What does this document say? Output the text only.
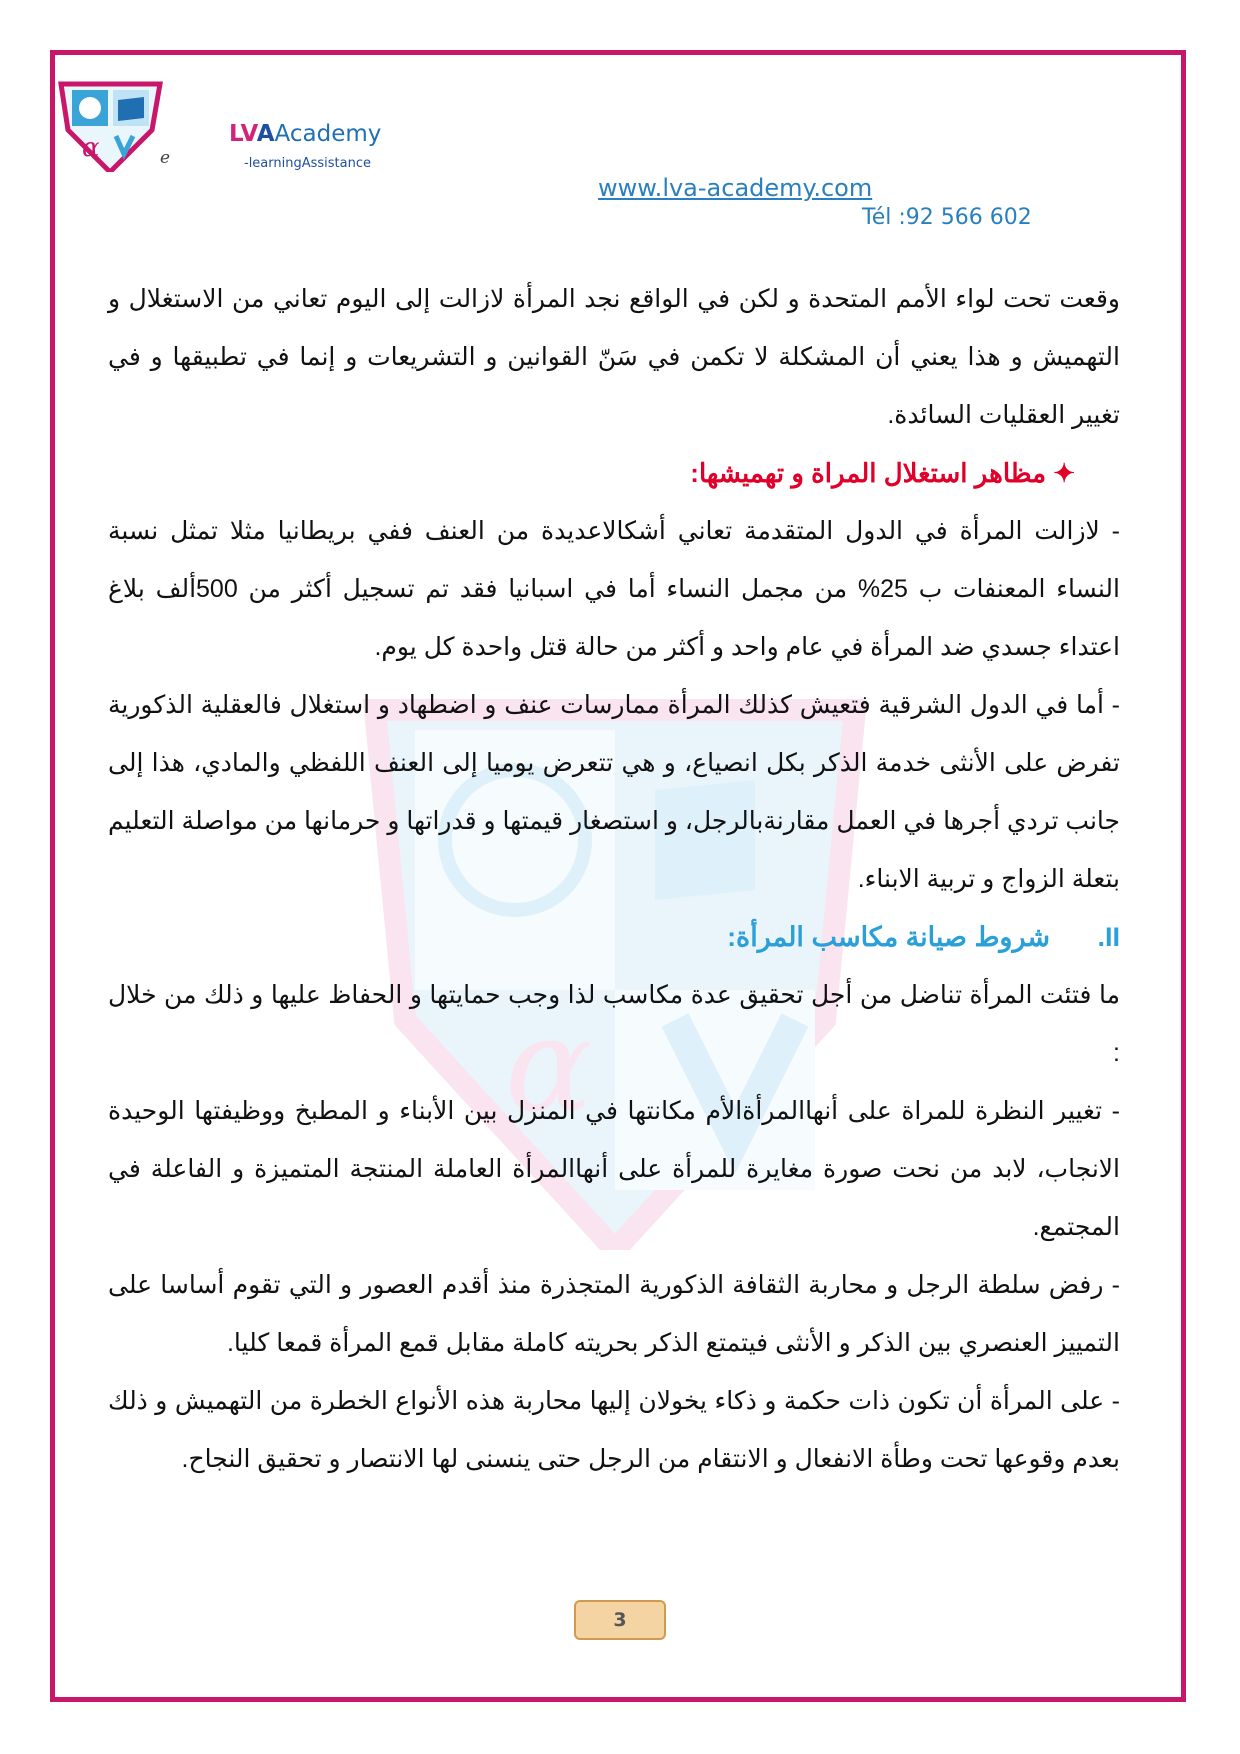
α
α	e
LVAAcademy
-learningAssistance
www.lva-academy.com
Tél :92 566 602

وقعت تحت لواء الأمم المتحدة و لكن في الواقع نجد المرأة لازالت إلى اليوم تعاني من الاستغلال و التهميش و هذا يعني أن المشكلة لا تكمن في سَنّ القوانين و التشريعات و إنما في تطبيقها و في تغيير العقليات السائدة.

✦ مظاهر استغلال المراة و تهميشها:

- لازالت المرأة في الدول المتقدمة تعاني أشكالاعديدة من العنف ففي بريطانيا مثلا تمثل نسبة النساء المعنفات ب 25% من مجمل النساء أما في اسبانيا فقد تم تسجيل أكثر من 500ألف بلاغ اعتداء جسدي ضد المرأة في عام واحد و أكثر من حالة قتل واحدة كل يوم.

- أما في الدول الشرقية فتعيش كذلك المرأة ممارسات عنف و اضطهاد و استغلال فالعقلية الذكورية تفرض على الأنثى خدمة الذكر بكل انصياع، و هي تتعرض يوميا إلى العنف اللفظي والمادي، هذا إلى جانب تردي أجرها في العمل مقارنةبالرجل، و استصغار قيمتها و قدراتها و حرمانها من مواصلة التعليم بتعلة الزواج و تربية الابناء.

II.شروط صيانة مكاسب المرأة:

ما فتئت المرأة تناضل من أجل تحقيق عدة مكاسب لذا وجب حمايتها و الحفاظ عليها و ذلك من خلال :

- تغيير النظرة للمراة على أنهاالمرأةالأم مكانتها في المنزل بين الأبناء و المطبخ ووظيفتها الوحيدة الانجاب، لابد من نحت صورة مغايرة للمرأة على أنهاالمرأة العاملة المنتجة المتميزة و الفاعلة في المجتمع.

- رفض سلطة الرجل و محاربة الثقافة الذكورية المتجذرة منذ أقدم العصور و التي تقوم أساسا على التمييز العنصري بين الذكر و الأنثى فيتمتع الذكر بحريته كاملة مقابل قمع المرأة قمعا كليا.

- على المرأة أن تكون ذات حكمة و ذكاء يخولان إليها محاربة هذه الأنواع الخطرة من التهميش و ذلك بعدم وقوعها تحت وطأة الانفعال و الانتقام من الرجل حتى ينسنى لها الانتصار و تحقيق النجاح.

3
